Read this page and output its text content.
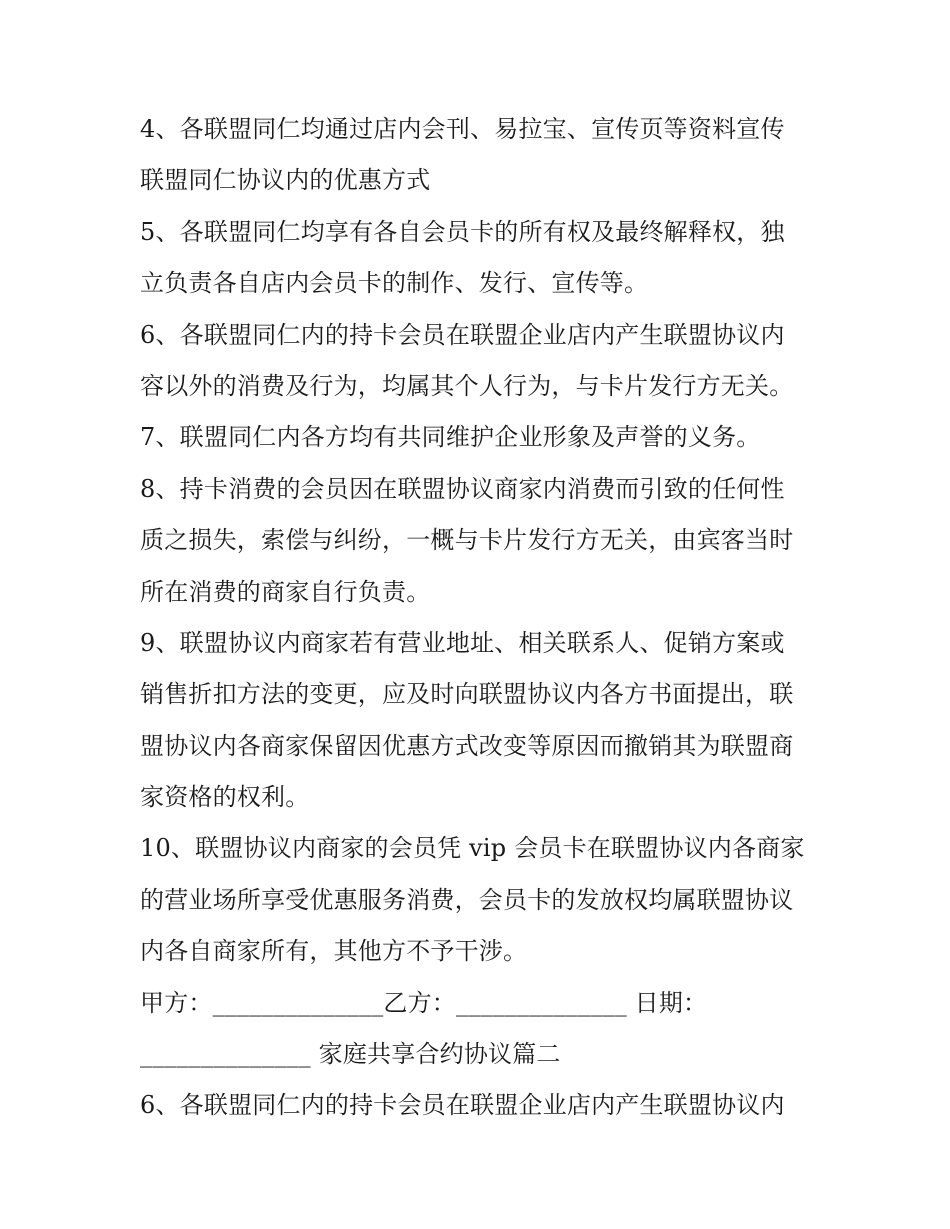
4、各联盟同仁均通过店内会刊、易拉宝、宣传页等资料宣传
联盟同仁协议内的优惠方式
5、各联盟同仁均享有各自会员卡的所有权及最终解释权，独
立负责各自店内会员卡的制作、发行、宣传等。
6、各联盟同仁内的持卡会员在联盟企业店内产生联盟协议内
容以外的消费及行为，均属其个人行为，与卡片发行方无关。
7、联盟同仁内各方均有共同维护企业形象及声誉的义务。
8、持卡消费的会员因在联盟协议商家内消费而引致的任何性
质之损失，索偿与纠纷，一概与卡片发行方无关，由宾客当时
所在消费的商家自行负责。
9、联盟协议内商家若有营业地址、相关联系人、促销方案或
销售折扣方法的变更，应及时向联盟协议内各方书面提出，联
盟协议内各商家保留因优惠方式改变等原因而撤销其为联盟商
家资格的权利。
10、联盟协议内商家的会员凭 vip 会员卡在联盟协议内各商家
的营业场所享受优惠服务消费，会员卡的发放权均属联盟协议
内各自商家所有，其他方不予干涉。
甲方：______________乙方：______________ 日期：
______________ 家庭共享合约协议篇二
6、各联盟同仁内的持卡会员在联盟企业店内产生联盟协议内
